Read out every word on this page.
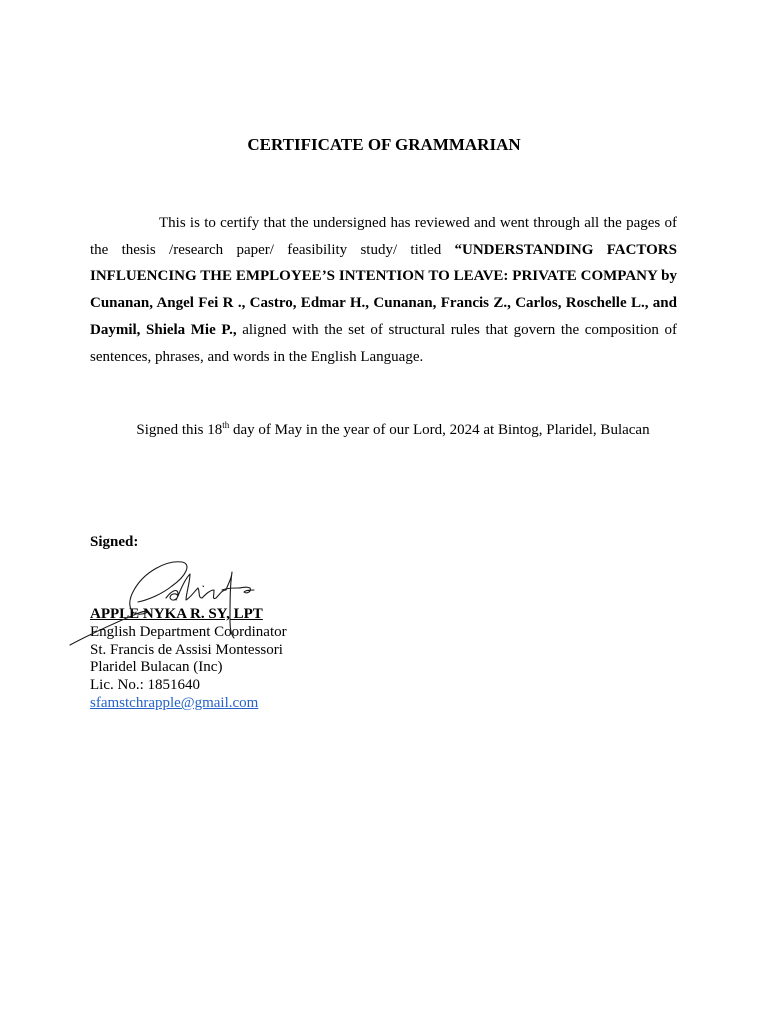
CERTIFICATE OF GRAMMARIAN
This is to certify that the undersigned has reviewed and went through all the pages of the thesis /research paper/ feasibility study/ titled “UNDERSTANDING FACTORS INFLUENCING THE EMPLOYEE’S INTENTION TO LEAVE: PRIVATE COMPANY by Cunanan, Angel Fei R ., Castro, Edmar H., Cunanan, Francis Z., Carlos, Roschelle L., and Daymil, Shiela Mie P., aligned with the set of structural rules that govern the composition of sentences, phrases, and words in the English Language.
Signed this 18th day of May in the year of our Lord, 2024 at Bintog, Plaridel, Bulacan
Signed:
APPLE NYKA R. SY, LPT
English Department Coordinator
St. Francis de Assisi Montessori
Plaridel Bulacan (Inc)
Lic. No.: 1851640
sfamstchrapple@gmail.com
